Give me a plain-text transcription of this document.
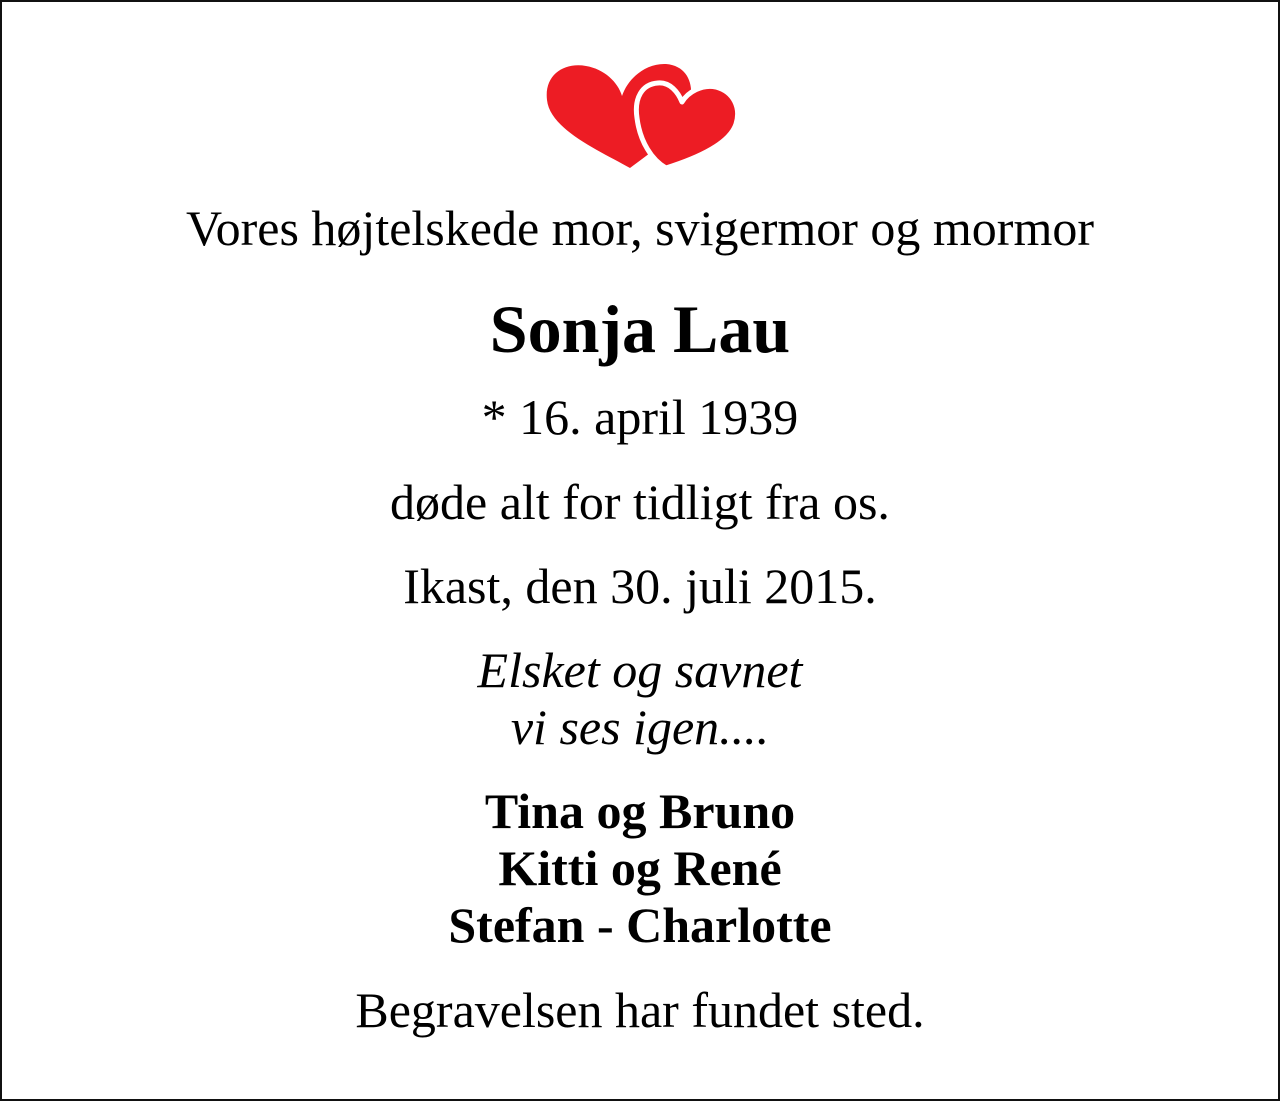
Vores højtelskede mor, svigermor og mormor

Sonja Lau

* 16. april 1939

døde alt for tidligt fra os.

Ikast, den 30. juli 2015.

Elsket og savnet

vi ses igen....

Tina og Bruno

Kitti og René

Stefan - Charlotte

Begravelsen har fundet sted.
